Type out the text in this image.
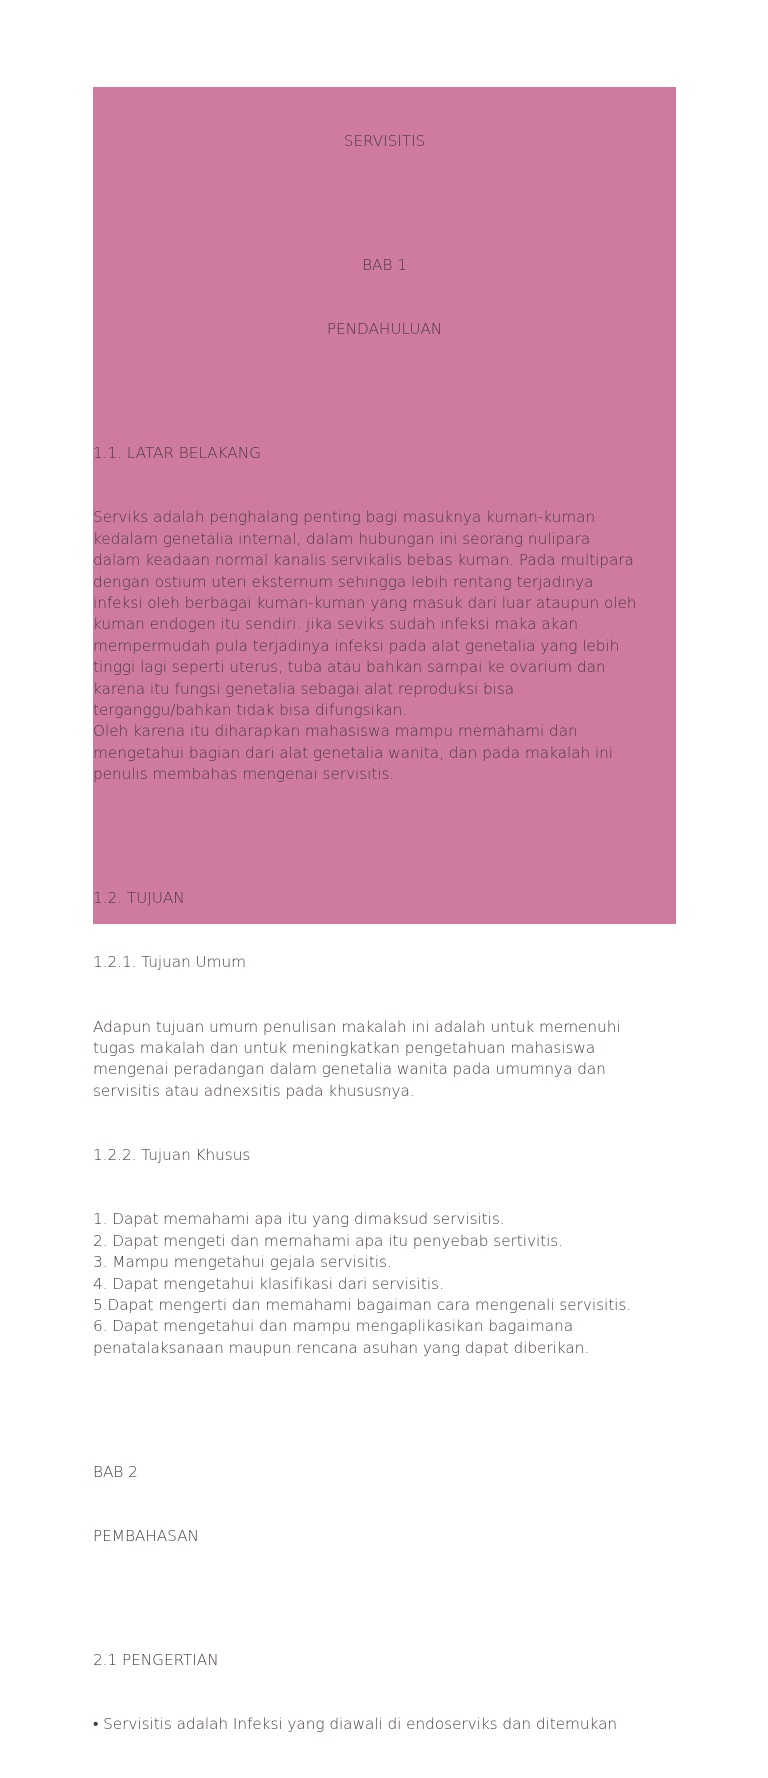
SERVISITIS

BAB 1

PENDAHULUAN

1.1. LATAR BELAKANG

Serviks adalah penghalang penting bagi masuknya kuman-kuman
kedalam genetalia internal, dalam hubungan ini seorang nulipara
dalam keadaan normal kanalis servikalis bebas kuman. Pada multipara
dengan ostium uteri eksternum sehingga lebih rentang terjadinya
infeksi oleh berbagai kuman-kuman yang masuk dari luar ataupun oleh
kuman endogen itu sendiri. jika seviks sudah infeksi maka akan
mempermudah pula terjadinya infeksi pada alat genetalia yang lebih
tinggi lagi seperti uterus, tuba atau bahkan sampai ke ovarium dan
karena itu fungsi genetalia sebagai alat reproduksi bisa
terganggu/bahkan tidak bisa difungsikan.
Oleh karena itu diharapkan mahasiswa mampu memahami dan
mengetahui bagian dari alat genetalia wanita, dan pada makalah ini
penulis membahas mengenai servisitis.

1.2. TUJUAN

1.2.1. Tujuan Umum

Adapun tujuan umum penulisan makalah ini adalah untuk memenuhi
tugas makalah dan untuk meningkatkan pengetahuan mahasiswa
mengenai peradangan dalam genetalia wanita pada umumnya dan
servisitis atau adnexsitis pada khususnya.

1.2.2. Tujuan Khusus

1. Dapat memahami apa itu yang dimaksud servisitis.
2. Dapat mengeti dan memahami apa itu penyebab sertivitis.
3. Mampu mengetahui gejala servisitis.
4. Dapat mengetahui klasifikasi dari servisitis.
5.Dapat mengerti dan memahami bagaiman cara mengenali servisitis.
6. Dapat mengetahui dan mampu mengaplikasikan bagaimana
penatalaksanaan maupun rencana asuhan yang dapat diberikan.

BAB 2

PEMBAHASAN

2.1 PENGERTIAN

• Servisitis adalah Infeksi yang diawali di endoserviks dan ditemukan
